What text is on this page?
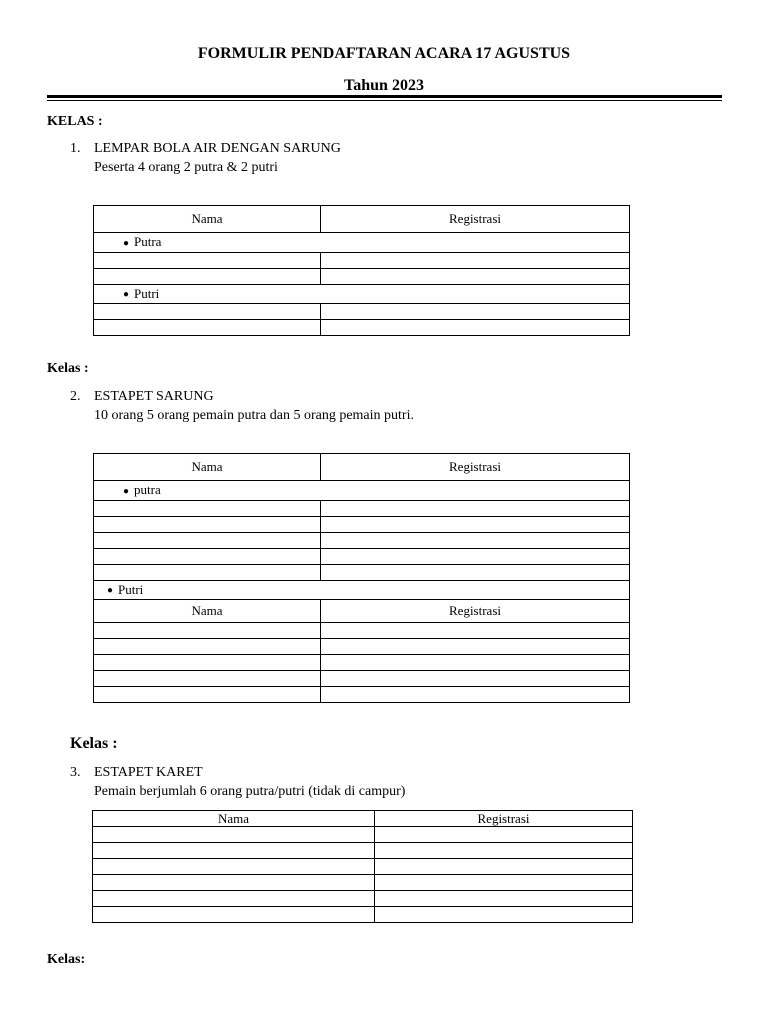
FORMULIR PENDAFTARAN ACARA 17 AGUSTUS
Tahun 2023
KELAS :
1. LEMPAR BOLA AIR DENGAN SARUNG
Peserta 4 orang 2 putra & 2 putri
Nama	Registrasi
● Putra	

● Putri	

Kelas :
2. ESTAPET SARUNG
10 orang 5 orang pemain putra dan 5 orang pemain putri.
Nama	Registrasi
● putra	

● Putri	
Nama	Registrasi

Kelas :
3. ESTAPET KARET
Pemain berjumlah 6 orang putra/putri (tidak di campur)
Nama	Registrasi

Kelas:
